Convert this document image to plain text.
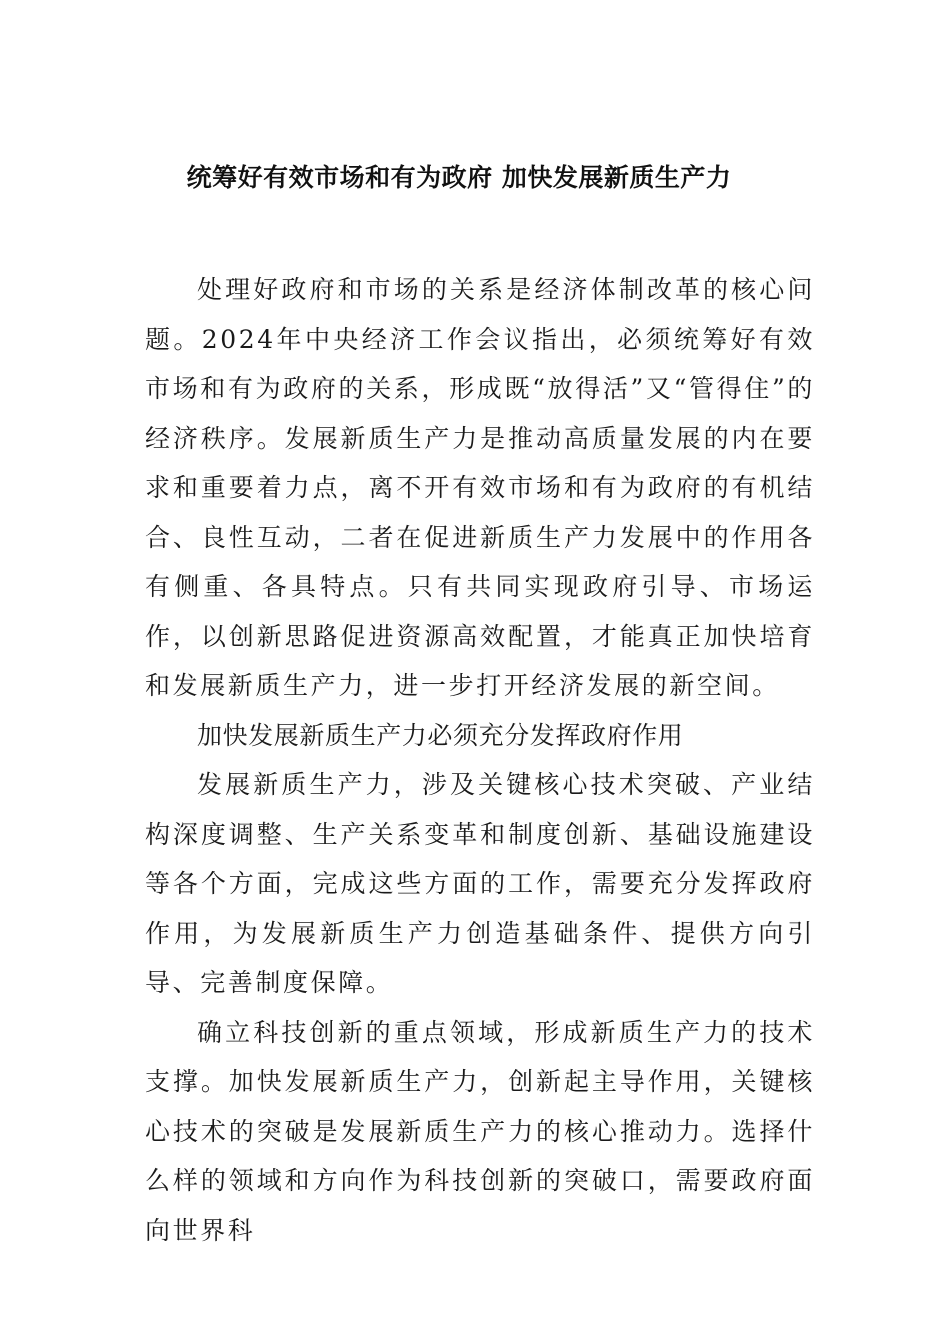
统筹好有效市场和有为政府 加快发展新质生产力

处理好政府和市场的关系是经济体制改革的核心问题。2024年中央经济工作会议指出，必须统筹好有效市场和有为政府的关系，形成既“放得活”又“管得住”的经济秩序。发展新质生产力是推动高质量发展的内在要求和重要着力点，离不开有效市场和有为政府的有机结合、良性互动，二者在促进新质生产力发展中的作用各有侧重、各具特点。只有共同实现政府引导、市场运作，以创新思路促进资源高效配置，才能真正加快培育和发展新质生产力，进一步打开经济发展的新空间。

加快发展新质生产力必须充分发挥政府作用

发展新质生产力，涉及关键核心技术突破、产业结构深度调整、生产关系变革和制度创新、基础设施建设等各个方面，完成这些方面的工作，需要充分发挥政府作用，为发展新质生产力创造基础条件、提供方向引导、完善制度保障。

确立科技创新的重点领域，形成新质生产力的技术支撑。加快发展新质生产力，创新起主导作用，关键核心技术的突破是发展新质生产力的核心推动力。选择什么样的领域和方向作为科技创新的突破口，需要政府面向世界科
